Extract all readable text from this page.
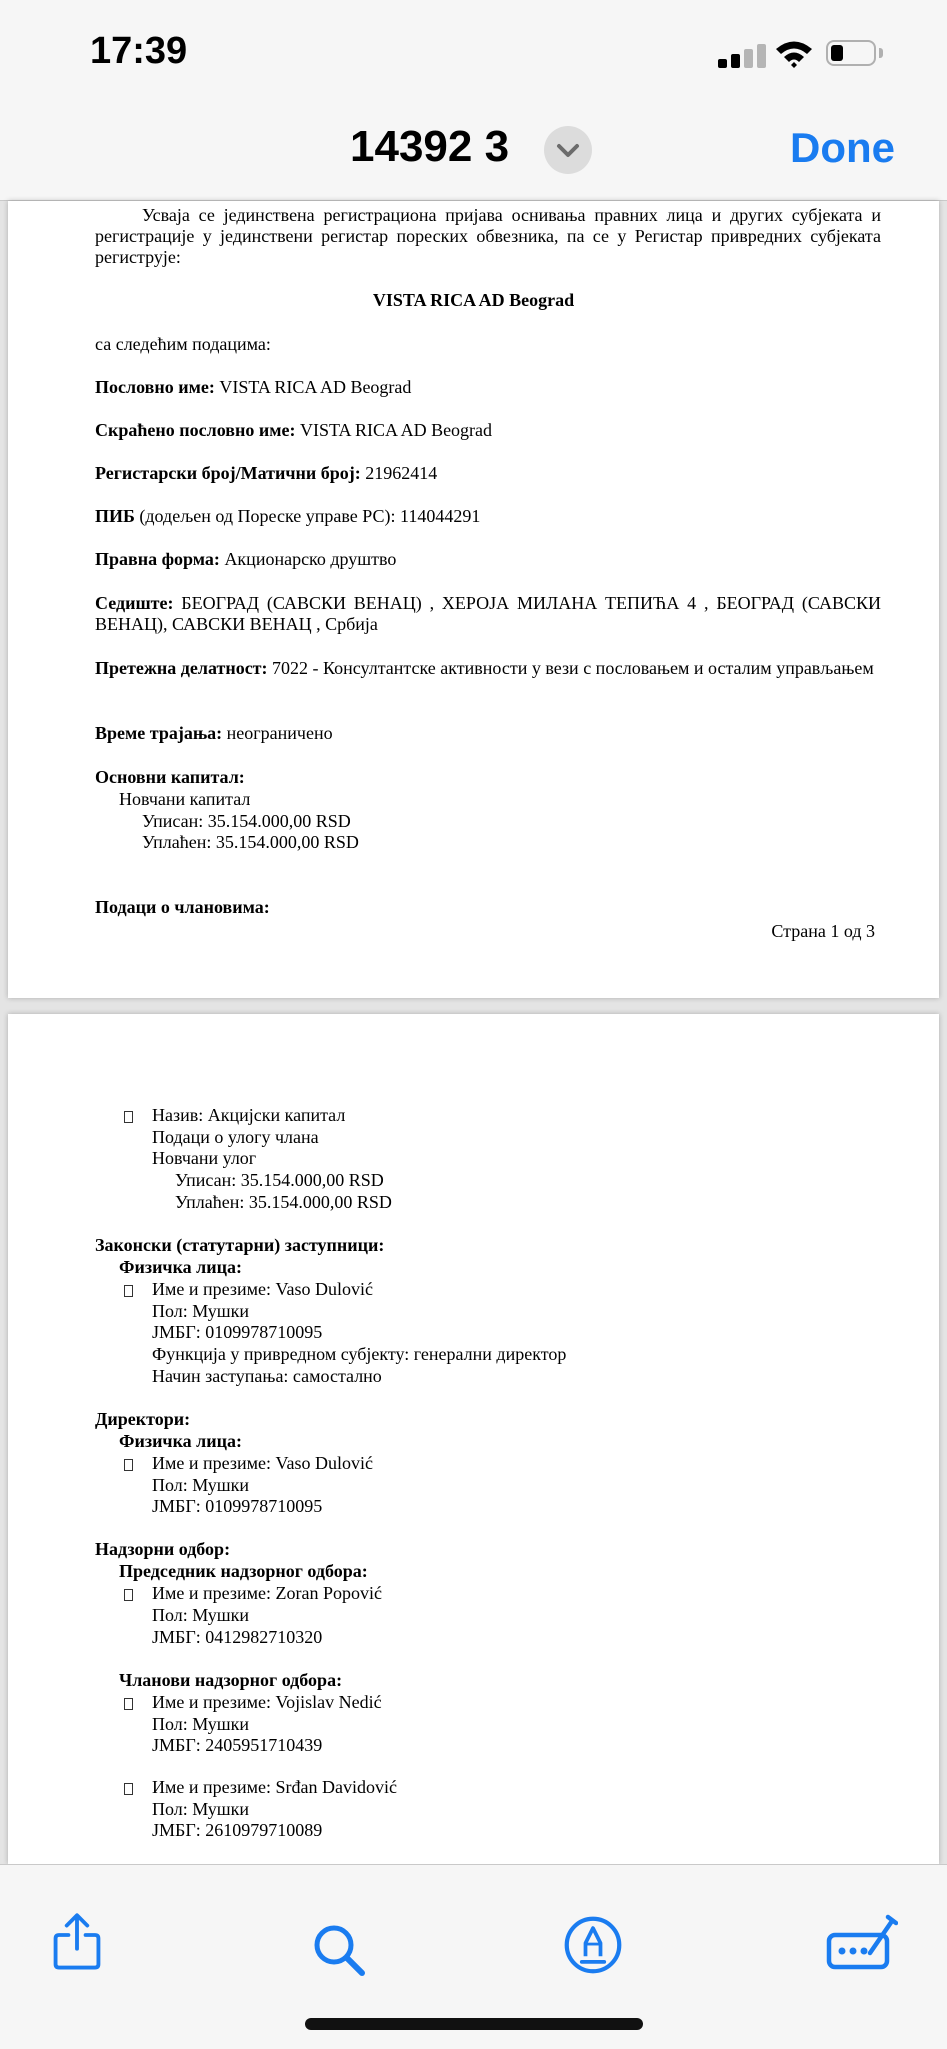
17:39
14392 3	Done
Усваја се јединствена регистрациона пријава оснивања правних лица и других субјеката и регистрације у јединствени регистар пореских обвезника, па се у Регистар привредних субјеката региструје:
VISTA RICA AD Beograd
са следећим подацима:
Пословно име: VISTA RICA AD Beograd
Скраћено пословно име: VISTA RICA AD Beograd
Регистарски број/Матични број: 21962414
ПИБ (додељен од Пореске управе РС): 114044291
Правна форма: Акционарско друштво
Седиште: БЕОГРАД (САВСКИ ВЕНАЦ) , ХЕРОЈА МИЛАНА ТЕПИЋА 4 , БЕОГРАД (САВСКИ ВЕНАЦ), САВСКИ ВЕНАЦ , Србија
Претежна делатност: 7022 - Консултантске активности у вези с пословањем и осталим управљањем
Време трајања: неограничено
Основни капитал:
Новчани капитал
Уписан: 35.154.000,00 RSD
Уплаћен: 35.154.000,00 RSD
Подаци о члановима:
Страна 1 од 3
Назив: Акцијски капитал
Подаци о улогу члана
Новчани улог
Уписан: 35.154.000,00 RSD
Уплаћен: 35.154.000,00 RSD
Законски (статутарни) заступници:
Физичка лица:
Име и презиме: Vaso Dulović
Пол: Мушки
ЈМБГ: 0109978710095
Функција у привредном субјекту: генерални директор
Начин заступања: самостално
Директори:
Физичка лица:
Име и презиме: Vaso Dulović
Пол: Мушки
ЈМБГ: 0109978710095
Надзорни одбор:
Председник надзорног одбора:
Име и презиме: Zoran Popović
Пол: Мушки
ЈМБГ: 0412982710320
Чланови надзорног одбора:
Име и презиме: Vojislav Nedić
Пол: Мушки
ЈМБГ: 2405951710439
Име и презиме: Srđan Davidović
Пол: Мушки
ЈМБГ: 2610979710089
